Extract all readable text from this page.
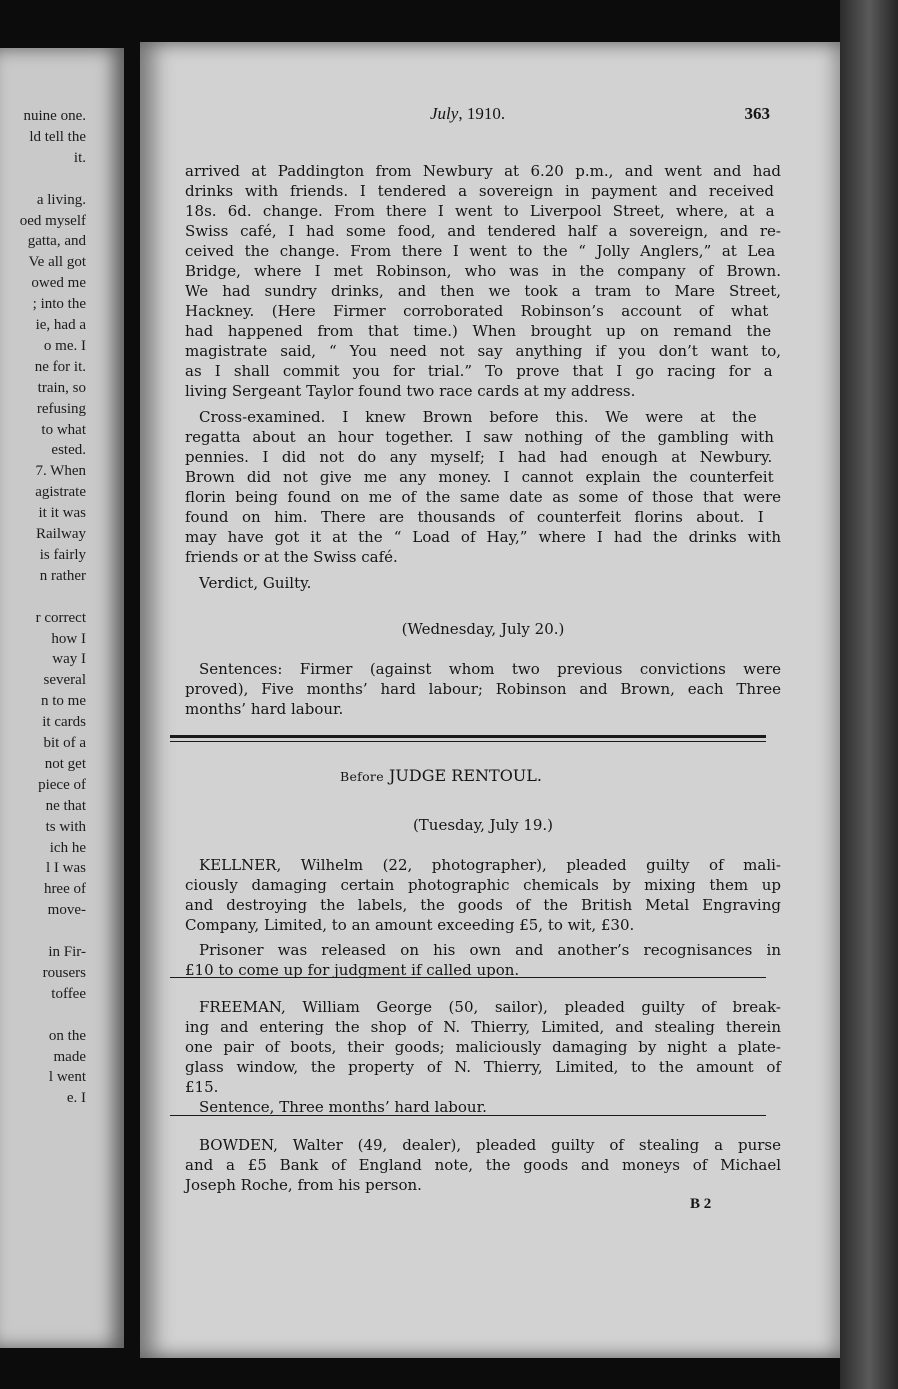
nuine one.
ld tell the
it.
a living.
oed myself
gatta, and
Ve all got
owed me
; into the
ie, had a
o me. I
ne for it.
train, so
refusing
to what
ested.
7. When
agistrate
it it was
Railway
is fairly
n rather
r correct
how I
way I
several
n to me
it cards
bit of a
not get
piece of
ne that
ts with
ich he
l I was
hree of
move-
in Fir-
rousers
toffee
on the
made
l went
e. I
July, 1910.	363
Before JUDGE RENTOUL.
arrived at Paddington from Newbury at 6.20 p.m., and went and had
drinks with friends. I tendered a sovereign in payment and received
18s. 6d. change. From there I went to Liverpool Street, where, at a
Swiss café, I had some food, and tendered half a sovereign, and re-
ceived the change. From there I went to the “ Jolly Anglers,” at Lea
Bridge, where I met Robinson, who was in the company of Brown.
We had sundry drinks, and then we took a tram to Mare Street,
Hackney. (Here Firmer corroborated Robinson’s account of what
had happened from that time.) When brought up on remand the
magistrate said, “ You need not say anything if you don’t want to,
as I shall commit you for trial.” To prove that I go racing for a
living Sergeant Taylor found two race cards at my address.
Cross-examined. I knew Brown before this. We were at the
regatta about an hour together. I saw nothing of the gambling with
pennies. I did not do any myself; I had had enough at Newbury.
Brown did not give me any money. I cannot explain the counterfeit
florin being found on me of the same date as some of those that were
found on him. There are thousands of counterfeit florins about. I
may have got it at the “ Load of Hay,” where I had the drinks with
friends or at the Swiss café.
Verdict, Guilty.
(Wednesday, July 20.)
Sentences: Firmer (against whom two previous convictions were
proved), Five months’ hard labour; Robinson and Brown, each Three
months’ hard labour.
(Tuesday, July 19.)
KELLNER, Wilhelm (22, photographer), pleaded guilty of mali-
ciously damaging certain photographic chemicals by mixing them up
and destroying the labels, the goods of the British Metal Engraving
Company, Limited, to an amount exceeding £5, to wit, £30.
Prisoner was released on his own and another’s recognisances in
£10 to come up for judgment if called upon.
FREEMAN, William George (50, sailor), pleaded guilty of break-
ing and entering the shop of N. Thierry, Limited, and stealing therein
one pair of boots, their goods; maliciously damaging by night a plate-
glass window, the property of N. Thierry, Limited, to the amount of
£15.
Sentence, Three months’ hard labour.
BOWDEN, Walter (49, dealer), pleaded guilty of stealing a purse
and a £5 Bank of England note, the goods and moneys of Michael
Joseph Roche, from his person.
B 2
